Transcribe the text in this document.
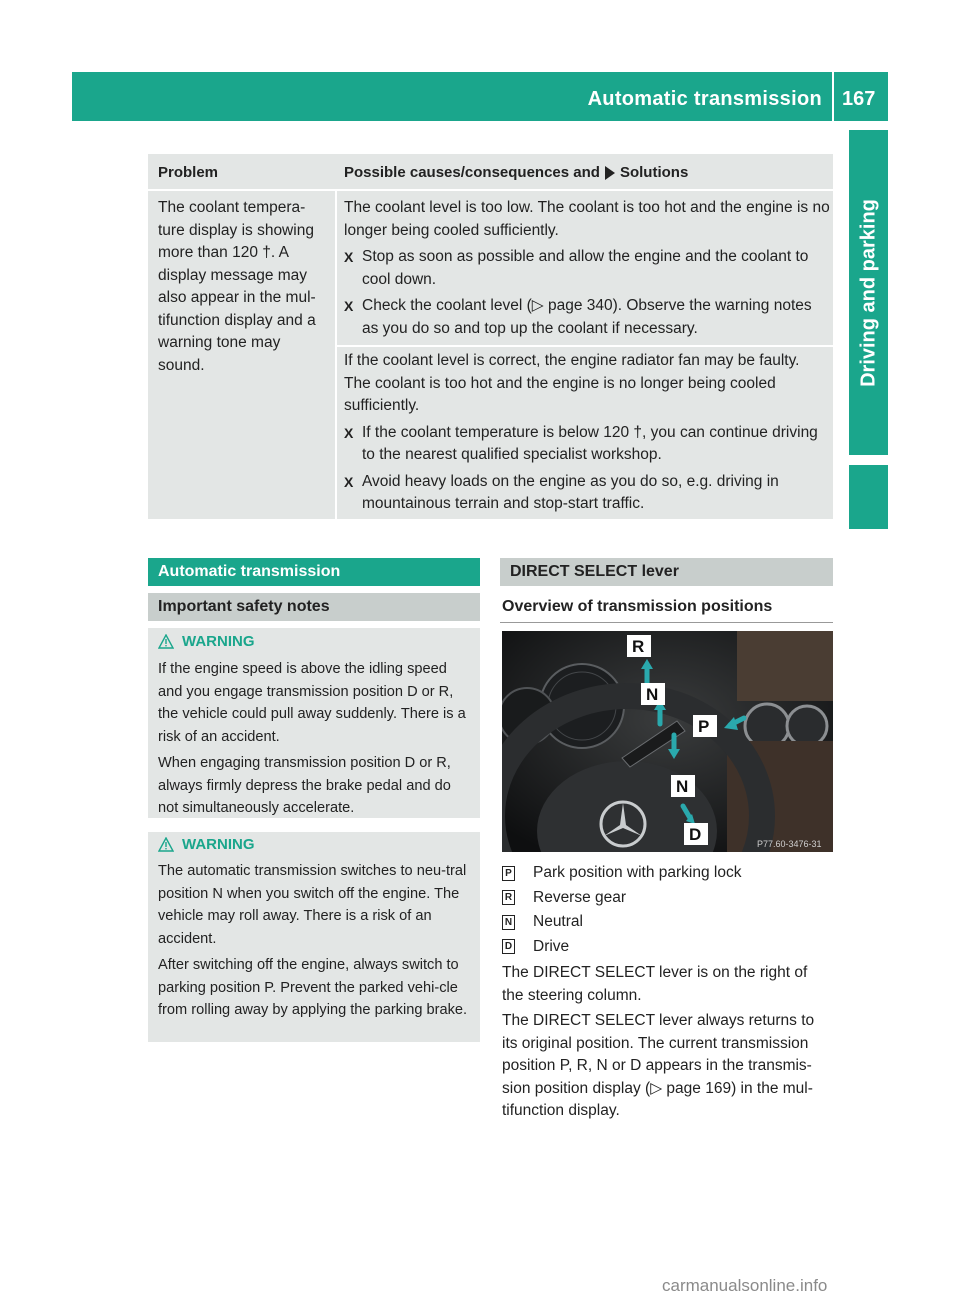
Automatic transmission 167
Driving and parking
Problem	Possible causes/consequences and Solutions
The coolant tempera-ture display is showing more than 120 †. A display message may also appear in the mul-tifunction display and a warning tone may sound.
The coolant level is too low. The coolant is too hot and the engine is no longer being cooled sufficiently.
X Stop as soon as possible and allow the engine and the coolant to cool down.
X Check the coolant level (▷ page 340). Observe the warning notes as you do so and top up the coolant if necessary.
If the coolant level is correct, the engine radiator fan may be faulty. The coolant is too hot and the engine is no longer being cooled sufficiently.
X If the coolant temperature is below 120 †, you can continue driving to the nearest qualified specialist workshop.
X Avoid heavy loads on the engine as you do so, e.g. driving in mountainous terrain and stop-start traffic.
Automatic transmission
Important safety notes
WARNING

If the engine speed is above the idling speed and you engage transmission position D or R, the vehicle could pull away suddenly. There is a risk of an accident.

When engaging transmission position D or R, always firmly depress the brake pedal and do not simultaneously accelerate.

WARNING

The automatic transmission switches to neu-tral position N when you switch off the engine. The vehicle may roll away. There is a risk of an accident.

After switching off the engine, always switch to parking position P. Prevent the parked vehi-cle from rolling away by applying the parking brake.

DIRECT SELECT lever
Overview of transmission positions
R
N
P
N
D	P77.60-3476-31
P Park position with parking lock
R Reverse gear
N Neutral
D Drive

The DIRECT SELECT lever is on the right of the steering column.

The DIRECT SELECT lever always returns to its original position. The current transmission position P, R, N or D appears in the transmis-sion position display (▷ page 169) in the mul-tifunction display.

carmanualsonline.info
